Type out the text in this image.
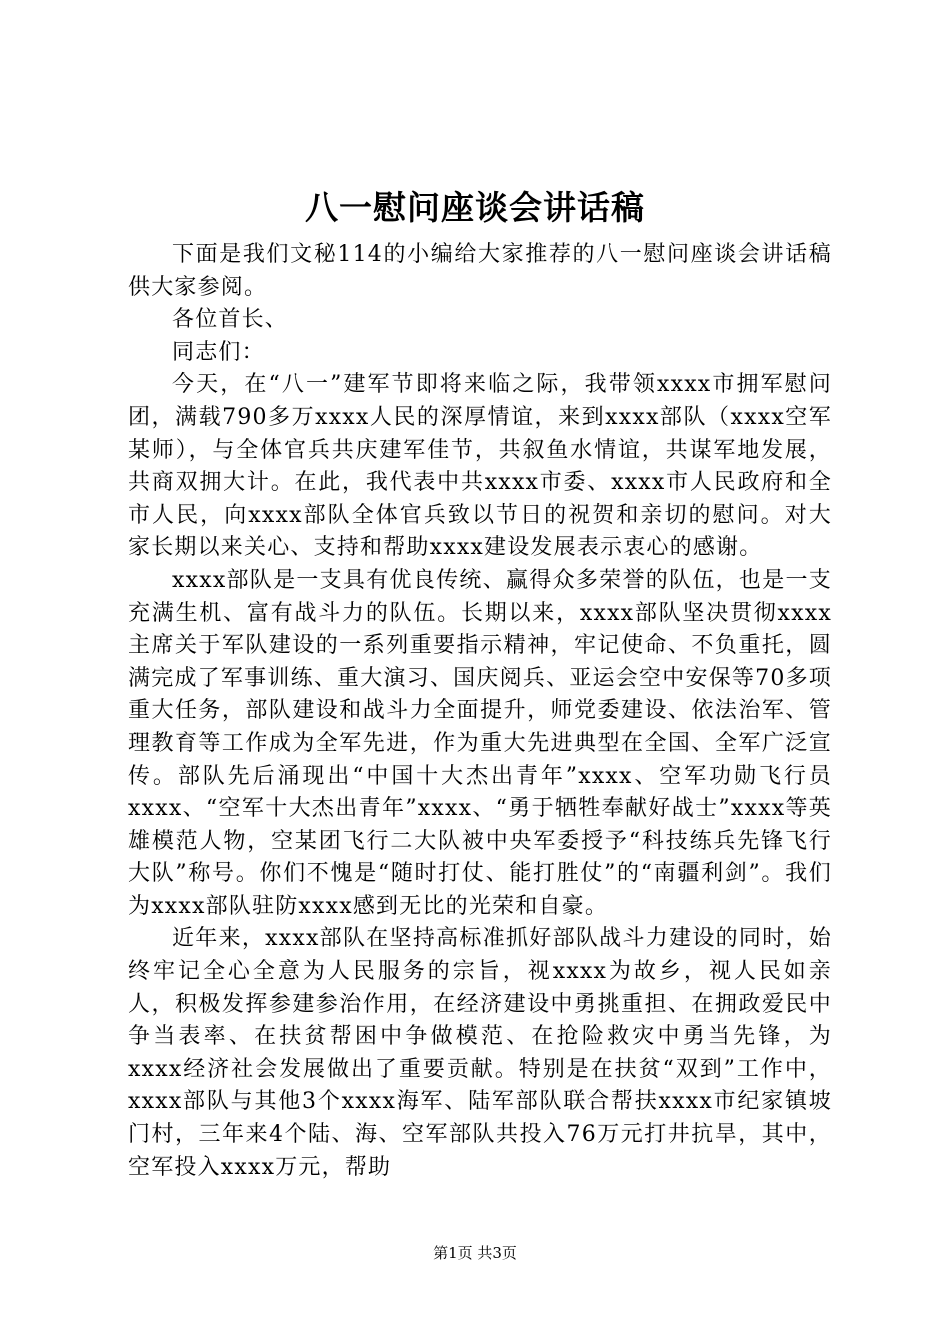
八一慰问座谈会讲话稿

下面是我们文秘114的小编给大家推荐的八一慰问座谈会讲话稿供大家参阅。

各位首长、

同志们：

今天，在“八一”建军节即将来临之际，我带领xxxx市拥军慰问团，满载790多万xxxx人民的深厚情谊，来到xxxx部队（xxxx空军某师），与全体官兵共庆建军佳节，共叙鱼水情谊，共谋军地发展，共商双拥大计。在此，我代表中共xxxx市委、xxxx市人民政府和全市人民，向xxxx部队全体官兵致以节日的祝贺和亲切的慰问。对大家长期以来关心、支持和帮助xxxx建设发展表示衷心的感谢。

xxxx部队是一支具有优良传统、赢得众多荣誉的队伍，也是一支充满生机、富有战斗力的队伍。长期以来，xxxx部队坚决贯彻xxxx主席关于军队建设的一系列重要指示精神，牢记使命、不负重托，圆满完成了军事训练、重大演习、国庆阅兵、亚运会空中安保等70多项重大任务，部队建设和战斗力全面提升，师党委建设、依法治军、管理教育等工作成为全军先进，作为重大先进典型在全国、全军广泛宣传。部队先后涌现出“中国十大杰出青年”xxxx、空军功勋飞行员xxxx、“空军十大杰出青年”xxxx、“勇于牺牲奉献好战士”xxxx等英雄模范人物，空某团飞行二大队被中央军委授予“科技练兵先锋飞行大队”称号。你们不愧是“随时打仗、能打胜仗”的“南疆利剑”。我们为xxxx部队驻防xxxx感到无比的光荣和自豪。

近年来，xxxx部队在坚持高标准抓好部队战斗力建设的同时，始终牢记全心全意为人民服务的宗旨，视xxxx为故乡，视人民如亲人，积极发挥参建参治作用，在经济建设中勇挑重担、在拥政爱民中争当表率、在扶贫帮困中争做模范、在抢险救灾中勇当先锋，为xxxx经济社会发展做出了重要贡献。特别是在扶贫“双到”工作中，xxxx部队与其他3个xxxx海军、陆军部队联合帮扶xxxx市纪家镇坡门村，三年来4个陆、海、空军部队共投入76万元打井抗旱，其中，空军投入xxxx万元，帮助

第1页 共3页
